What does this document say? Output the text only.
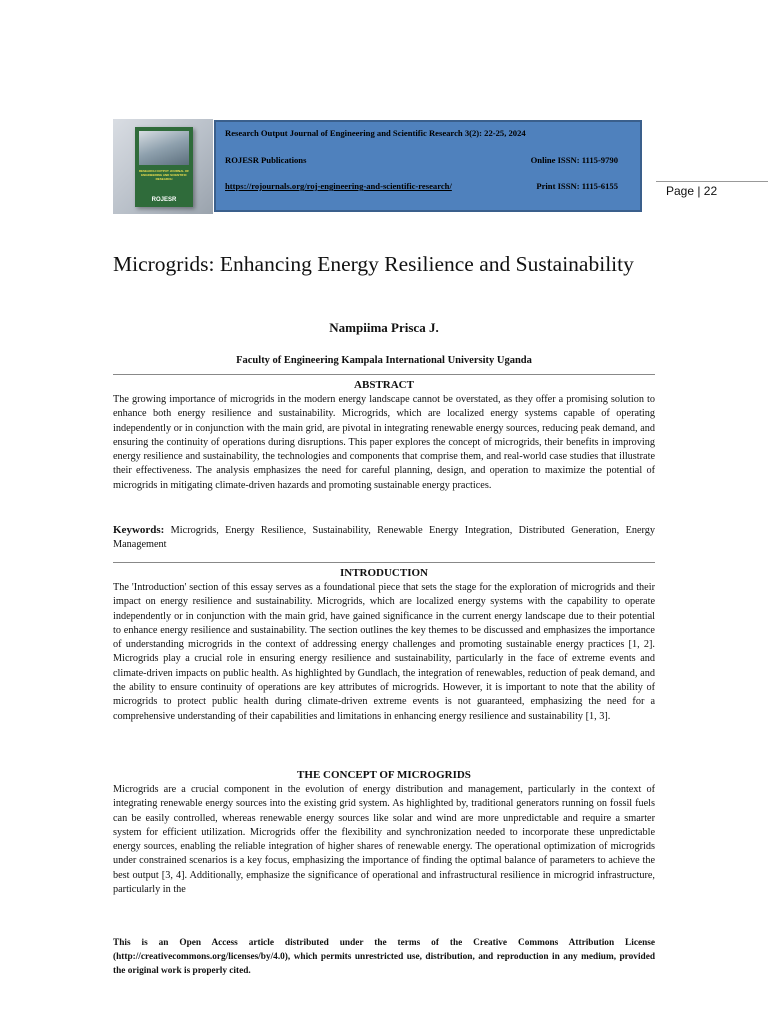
RESEARCH OUTPUT JOURNAL OF ENGINEERING AND SCIENTIFIC RESEARCH
ROJESR
Research Output Journal of Engineering and Scientific Research 3(2): 22-25, 2024
ROJESR Publications	Online ISSN: 1115-9790
https://rojournals.org/roj-engineering-and-scientific-research/	Print ISSN: 1115-6155	Page | 22
Microgrids: Enhancing Energy Resilience and Sustainability
Nampiima Prisca J.
Faculty of Engineering Kampala International University Uganda
ABSTRACT

The growing importance of microgrids in the modern energy landscape cannot be overstated, as they offer a promising solution to enhance both energy resilience and sustainability. Microgrids, which are localized energy systems capable of operating independently or in conjunction with the main grid, are pivotal in integrating renewable energy sources, reducing peak demand, and ensuring the continuity of operations during disruptions. This paper explores the concept of microgrids, their benefits in improving energy resilience and sustainability, the technologies and components that comprise them, and real-world case studies that illustrate their effectiveness. The analysis emphasizes the need for careful planning, design, and operation to maximize the potential of microgrids in mitigating climate-driven hazards and promoting sustainable energy practices.

Keywords: Microgrids, Energy Resilience, Sustainability, Renewable Energy Integration, Distributed Generation, Energy Management

INTRODUCTION

The 'Introduction' section of this essay serves as a foundational piece that sets the stage for the exploration of microgrids and their impact on energy resilience and sustainability. Microgrids, which are localized energy systems with the capability to operate independently or in conjunction with the main grid, have gained significance in the current energy landscape due to their potential to enhance energy resilience and sustainability. The section outlines the key themes to be discussed and emphasizes the importance of understanding microgrids in the context of addressing energy challenges and promoting sustainable energy practices [1, 2]. Microgrids play a crucial role in ensuring energy resilience and sustainability, particularly in the face of extreme events and climate-driven impacts on public health. As highlighted by Gundlach, the integration of renewables, reduction of peak demand, and the ability to ensure continuity of operations are key attributes of microgrids. However, it is important to note that the ability of microgrids to protect public health during climate-driven extreme events is not guaranteed, emphasizing the need for a comprehensive understanding of their capabilities and limitations in enhancing energy resilience and sustainability [1, 3].

THE CONCEPT OF MICROGRIDS

Microgrids are a crucial component in the evolution of energy distribution and management, particularly in the context of integrating renewable energy sources into the existing grid system. As highlighted by, traditional generators running on fossil fuels can be easily controlled, whereas renewable energy sources like solar and wind are more unpredictable and require a smarter system for efficient utilization. Microgrids offer the flexibility and synchronization needed to incorporate these unpredictable energy sources, enabling the reliable integration of higher shares of renewable energy. The operational optimization of microgrids under constrained scenarios is a key focus, emphasizing the importance of finding the optimal balance of parameters to achieve the best output [3, 4]. Additionally, emphasize the significance of operational and infrastructural resilience in microgrid infrastructure, particularly in the

This is an Open Access article distributed under the terms of the Creative Commons Attribution License (http://creativecommons.org/licenses/by/4.0), which permits unrestricted use, distribution, and reproduction in any medium, provided the original work is properly cited.
